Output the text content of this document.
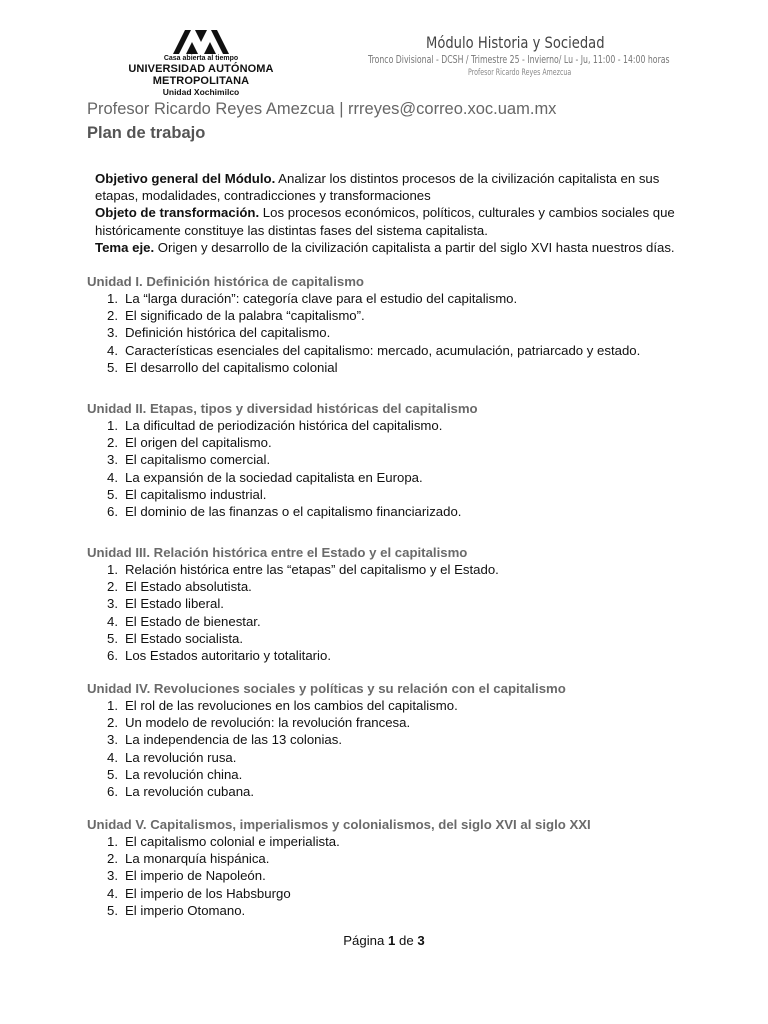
Casa abierta al tiempo
UNIVERSIDAD AUTÓNOMA METROPOLITANA
Unidad Xochimilco
Módulo Historia y Sociedad
Tronco Divisional - DCSH / Trimestre 25 - Invierno/ Lu - Ju, 11:00 - 14:00 horas
Profesor Ricardo Reyes Amezcua
Profesor Ricardo Reyes Amezcua | rrreyes@correo.xoc.uam.mx
Plan de trabajo
Objetivo general del Módulo. Analizar los distintos procesos de la civilización capitalista en sus etapas, modalidades, contradicciones y transformaciones
Objeto de transformación. Los procesos económicos, políticos, culturales y cambios sociales que históricamente constituye las distintas fases del sistema capitalista.
Tema eje. Origen y desarrollo de la civilización capitalista a partir del siglo XVI hasta nuestros días.
Unidad I. Definición histórica de capitalismo
1. La “larga duración”: categoría clave para el estudio del capitalismo.
2. El significado de la palabra “capitalismo”.
3. Definición histórica del capitalismo.
4. Características esenciales del capitalismo: mercado, acumulación, patriarcado y estado.
5. El desarrollo del capitalismo colonial
Unidad II. Etapas, tipos y diversidad históricas del capitalismo
1. La dificultad de periodización histórica del capitalismo.
2. El origen del capitalismo.
3. El capitalismo comercial.
4. La expansión de la sociedad capitalista en Europa.
5. El capitalismo industrial.
6. El dominio de las finanzas o el capitalismo financiarizado.
Unidad III. Relación histórica entre el Estado y el capitalismo
1. Relación histórica entre las “etapas” del capitalismo y el Estado.
2. El Estado absolutista.
3. El Estado liberal.
4. El Estado de bienestar.
5. El Estado socialista.
6. Los Estados autoritario y totalitario.
Unidad IV. Revoluciones sociales y políticas y su relación con el capitalismo
1. El rol de las revoluciones en los cambios del capitalismo.
2. Un modelo de revolución: la revolución francesa.
3. La independencia de las 13 colonias.
4. La revolución rusa.
5. La revolución china.
6. La revolución cubana.
Unidad V. Capitalismos, imperialismos y colonialismos, del siglo XVI al siglo XXI
1. El capitalismo colonial e imperialista.
2. La monarquía hispánica.
3. El imperio de Napoleón.
4. El imperio de los Habsburgo
5. El imperio Otomano.
Página 1 de 3
